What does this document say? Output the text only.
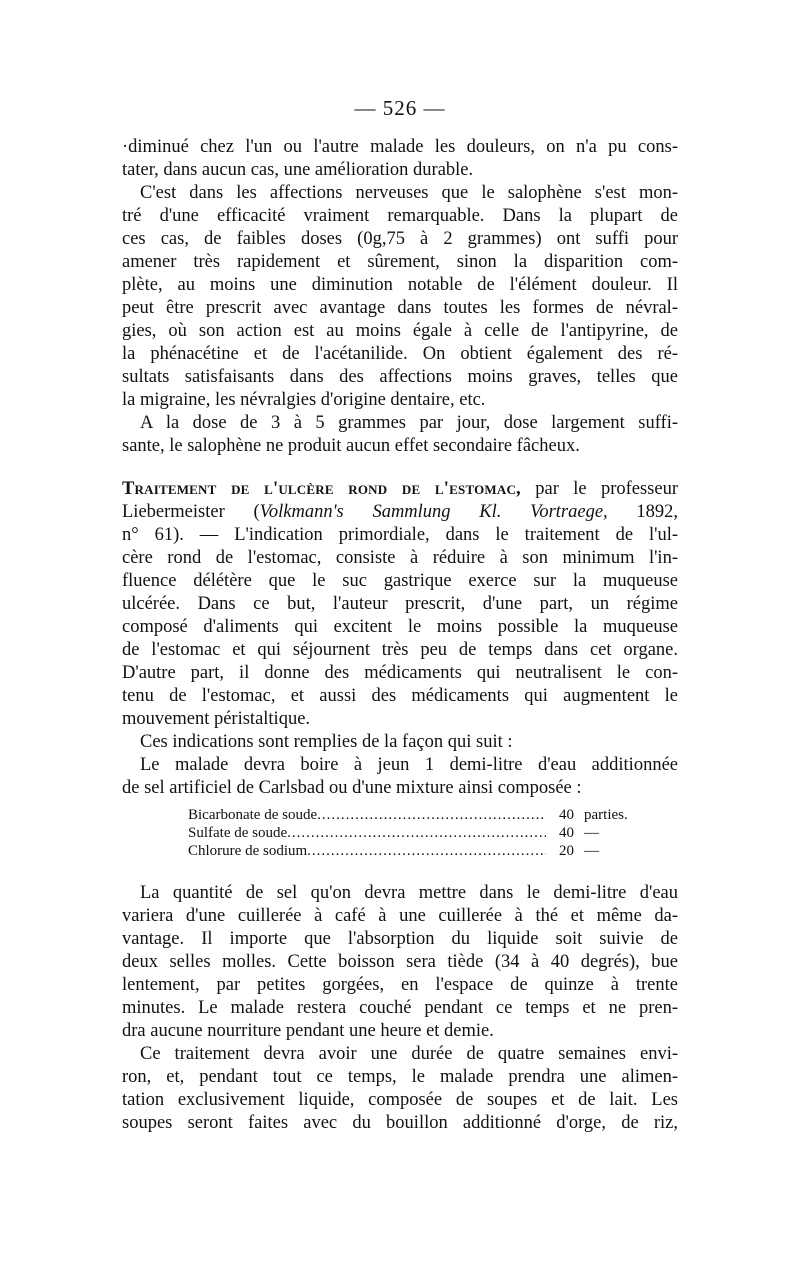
— 526 —
·diminué chez l'un ou l'autre malade les douleurs, on n'a pu cons-
tater, dans aucun cas, une amélioration durable.
C'est dans les affections nerveuses que le salophène s'est mon-
tré d'une efficacité vraiment remarquable. Dans la plupart de
ces cas, de faibles doses (0g,75 à 2 grammes) ont suffi pour
amener très rapidement et sûrement, sinon la disparition com-
plète, au moins une diminution notable de l'élément douleur. Il
peut être prescrit avec avantage dans toutes les formes de névral-
gies, où son action est au moins égale à celle de l'antipyrine, de
la phénacétine et de l'acétanilide. On obtient également des ré-
sultats satisfaisants dans des affections moins graves, telles que
la migraine, les névralgies d'origine dentaire, etc.
A la dose de 3 à 5 grammes par jour, dose largement suffi-
sante, le salophène ne produit aucun effet secondaire fâcheux.
Traitement de l'ulcère rond de l'estomac, par le professeur
Liebermeister (Volkmann's Sammlung Kl. Vortraege, 1892,
n° 61). — L'indication primordiale, dans le traitement de l'ul-
cère rond de l'estomac, consiste à réduire à son minimum l'in-
fluence délétère que le suc gastrique exerce sur la muqueuse
ulcérée. Dans ce but, l'auteur prescrit, d'une part, un régime
composé d'aliments qui excitent le moins possible la muqueuse
de l'estomac et qui séjournent très peu de temps dans cet organe.
D'autre part, il donne des médicaments qui neutralisent le con-
tenu de l'estomac, et aussi des médicaments qui augmentent le
mouvement péristaltique.
Ces indications sont remplies de la façon qui suit :
Le malade devra boire à jeun 1 demi-litre d'eau additionnée
de sel artificiel de Carlsbad ou d'une mixture ainsi composée :
Bicarbonate de soude .....	40 parties.
Sulfate de soude .....	40 —
Chlorure de sodium .....	20 —
La quantité de sel qu'on devra mettre dans le demi-litre d'eau
variera d'une cuillerée à café à une cuillerée à thé et même da-
vantage. Il importe que l'absorption du liquide soit suivie de
deux selles molles. Cette boisson sera tiède (34 à 40 degrés), bue
lentement, par petites gorgées, en l'espace de quinze à trente
minutes. Le malade restera couché pendant ce temps et ne pren-
dra aucune nourriture pendant une heure et demie.
Ce traitement devra avoir une durée de quatre semaines envi-
ron, et, pendant tout ce temps, le malade prendra une alimen-
tation exclusivement liquide, composée de soupes et de lait. Les
soupes seront faites avec du bouillon additionné d'orge, de riz,
